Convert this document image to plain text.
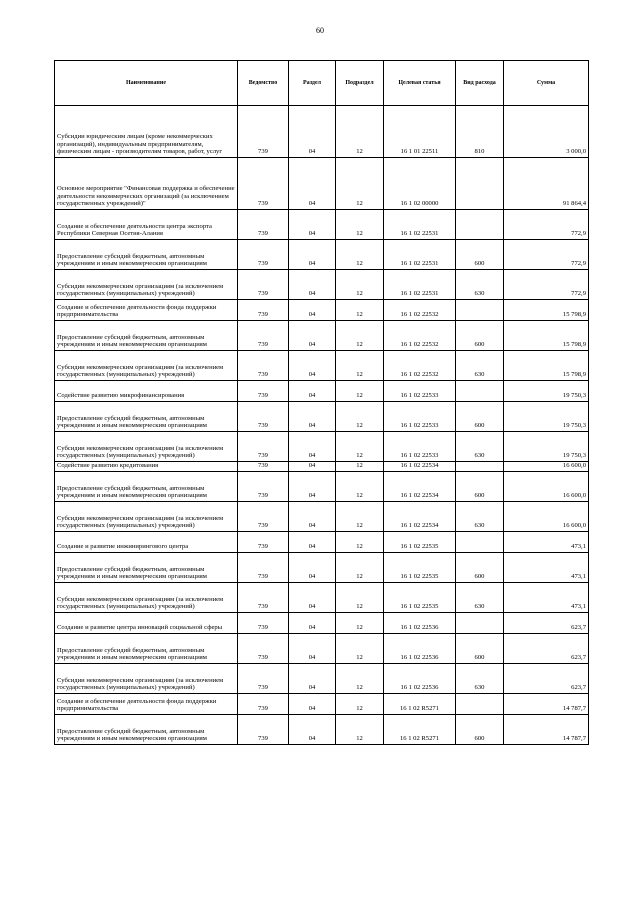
60
Наименование	Ведомство	Раздел	Подраздел	Целевая статья	Вид расхода	Сумма
Субсидии юридическим лицам (кроме некоммерческих организаций), индивидуальным предпринимателям, физическим лицам - производителям товаров, работ, услуг	739	04	12	16 1 01 22511	810	3 000,0
Основное мероприятие "Финансовая поддержка и обеспечение деятельности некоммерческих организаций (за исключением государственных учреждений)"	739	04	12	16 1 02 00000		91 864,4
Создание и обеспечение деятельности центра экспорта Республики Северная Осетия-Алания	739	04	12	16 1 02 22531		772,9
Предоставление субсидий бюджетным, автономным учреждениям и иным некоммерческим организациям	739	04	12	16 1 02 22531	600	772,9
Субсидии некоммерческим организациям (за исключением государственных (муниципальных) учреждений)	739	04	12	16 1 02 22531	630	772,9
Создание и обеспечение деятельности фонда поддержки предпринимательства	739	04	12	16 1 02 22532		15 798,9
Предоставление субсидий бюджетным, автономным учреждениям и иным некоммерческим организациям	739	04	12	16 1 02 22532	600	15 798,9
Субсидии некоммерческим организациям (за исключением государственных (муниципальных) учреждений)	739	04	12	16 1 02 22532	630	15 798,9
Содействие развитию микрофинансирования	739	04	12	16 1 02 22533		19 750,3
Предоставление субсидий бюджетным, автономным учреждениям и иным некоммерческим организациям	739	04	12	16 1 02 22533	600	19 750,3
Субсидии некоммерческим организациям (за исключением государственных (муниципальных) учреждений)	739	04	12	16 1 02 22533	630	19 750,3
Содействие развитию кредитования	739	04	12	16 1 02 22534		16 600,0
Предоставление субсидий бюджетным, автономным учреждениям и иным некоммерческим организациям	739	04	12	16 1 02 22534	600	16 600,0
Субсидии некоммерческим организациям (за исключением государственных (муниципальных) учреждений)	739	04	12	16 1 02 22534	630	16 600,0
Создание и развитие инжинирингового центра	739	04	12	16 1 02 22535		473,1
Предоставление субсидий бюджетным, автономным учреждениям и иным некоммерческим организациям	739	04	12	16 1 02 22535	600	473,1
Субсидии некоммерческим организациям (за исключением государственных (муниципальных) учреждений)	739	04	12	16 1 02 22535	630	473,1
Создание и развитие центра инноваций социальной сферы	739	04	12	16 1 02 22536		623,7
Предоставление субсидий бюджетным, автономным учреждениям и иным некоммерческим организациям	739	04	12	16 1 02 22536	600	623,7
Субсидии некоммерческим организациям (за исключением государственных (муниципальных) учреждений)	739	04	12	16 1 02 22536	630	623,7
Создание и обеспечение деятельности фонда поддержки предпринимательства	739	04	12	16 1 02 R5271		14 787,7
Предоставление субсидий бюджетным, автономным учреждениям и иным некоммерческим организациям	739	04	12	16 1 02 R5271	600	14 787,7
